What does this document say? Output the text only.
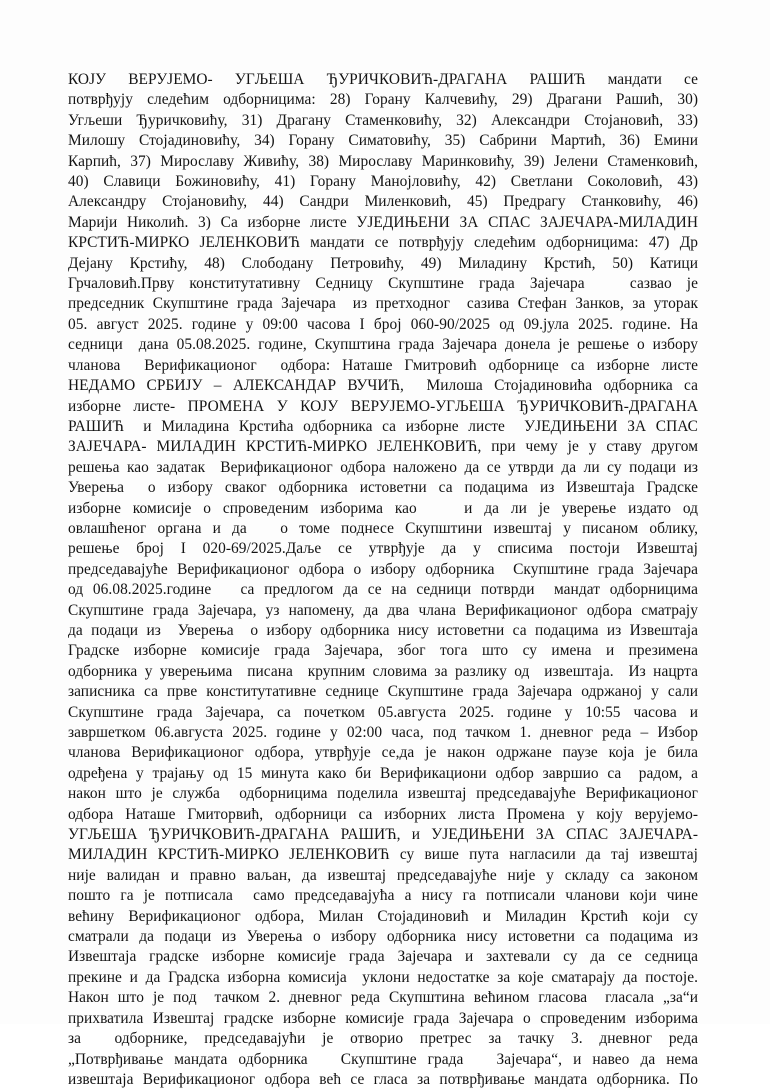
КОЈУ  ВЕРУЈЕМО-  УГЉЕША  ЂУРИЧКОВИЋ-ДРАГАНА  РАШИЋ  мандати  се
потврђују следећим одборницима: 28) Горану Калчевићу, 29) Драгани Рашић, 30)
Угљеши Ђуричковићу, 31) Драгану Стаменковићу, 32) Александри Стојановић, 33)
Милошу Стојадиновићу, 34) Горану Симатовићу, 35) Сабрини Мартић, 36) Емини
Карпић, 37) Мирославу Живићу, 38) Мирославу Маринковићу, 39) Јелени Стаменковић,
40) Славици Божиновићу, 41) Горану Манојловићу, 42) Светлани Соколовић, 43)
Александру Стојановићу, 44) Сандри Миленковић, 45) Предрагу Станковићу, 46)
Марији Николић. 3) Са изборне листе УЈЕДИЊЕНИ ЗА СПАС ЗАЈЕЧАРА-МИЛАДИН
КРСТИЋ-МИРКО ЈЕЛЕНКОВИЋ мандати се потврђују следећим одборницима: 47) Др
Дејану Крстићу, 48) Слободану Петровићу, 49) Миладину Крстић, 50) Катици
Грчаловић.Прву конститутативну Седницу Скупштине града Зајечара   сазвао је
председник Скупштине града Зајечара  из претходног  сазива Стефан Занков, за уторак
05. август 2025. године у 09:00 часова I број 060-90/2025 од 09.јула 2025. године. На
седници  дана 05.08.2025. године, Скупштина града Зајечара донела је решење о избору
чланова  Верификационог  одбора: Наташе Гмитровић одборнице са изборне листе
НЕДАМО СРБИЈУ – АЛЕКСАНДАР ВУЧИЋ,  Милоша Стојадиновића одборника са
изборне листе- ПРОМЕНА У КОЈУ ВЕРУЈЕМО-УГЉЕША ЂУРИЧКОВИЋ-ДРАГАНА
РАШИЋ  и Миладина Крстића одборника са изборне листе  УЈЕДИЊЕНИ ЗА СПАС
ЗАЈЕЧАРА- МИЛАДИН КРСТИЋ-МИРКО ЈЕЛЕНКОВИЋ, при чему је у ставу другом
решења као задатак  Верификационог одбора наложено да се утврди да ли су подаци из
Уверења  о избору сваког одборника истоветни са подацима из Извештаја Градске
изборне комисије о спроведеним изборима као    и да ли је уверење издато од
овлашћеног органа и да   о томе поднесе Скупштини извештај у писаном облику,
решење број I 020-69/2025.Даље се утврђује да у списима постоји Извештај
председавајуће Верификационог одбора о избору одборника  Скупштине града Зајечара
од 06.08.2025.године   са предлогом да се на седници потврди  мандат одборницима
Скупштине града Зајечара, уз напомену, да два члана Верификационог одбора сматрају
да подаци из  Уверења  о избору одборника нису истоветни са подацима из Извештаја
Градске изборне комисије града Зајечара, због тога што су имена и презимена
одборника у уверењима  писана  крупним словима за разлику од  извештаја.  Из нацрта
записника са прве конститутативне седнице Скупштине града Зајечара одржаној у сали
Скупштине града Зајечара, са почетком 05.августа 2025. године у 10:55 часова и
завршетком 06.августа 2025. године у 02:00 часа, под тачком 1. дневног реда – Избор
чланова Верификационог одбора, утврђује се,да је након одржане паузе која је била
одређена у трајању од 15 минута како би Верификациони одбор завршио са  радом, а
након што је служба  одборницима поделила извештај председавајуће Верификационог
одбора Наташе Гмиторвић, одборници са изборних листа Промена у коју верујемо-
УГЉЕША ЂУРИЧКОВИЋ-ДРАГАНА РАШИЋ, и УЈЕДИЊЕНИ ЗА СПАС ЗАЈЕЧАРА-
МИЛАДИН КРСТИЋ-МИРКО ЈЕЛЕНКОВИЋ су више пута нагласили да тај извештај
није валидан и правно ваљан, да извештај председавајуће није у складу са законом
пошто га је потписала  само председавајућа а нису га потписали чланови који чине
већину Верификационог одбора, Милан Стојадиновић и Миладин Крстић који су
сматрали да подаци из Уверења о избору одборника нису истоветни са подацима из
Извештаја градске изборне комисије града Зајечара и захтевали су да се седница
прекине и да Градска изборна комисија  уклони недостатке за које сматарају да постоје.
Након што је под  тачком 2. дневног реда Скупштина већином гласова  гласала „за“и
прихватила Извештај градске изборне комисије града Зајечара о спроведеним изборима
за    одборнике,  председавајући  је  отворио  претрес  за  тачку  3.  дневног  реда
„Потврђивање мандата одборника   Скупштине града   Зајечара“, и навео да нема
извештаја Верификационог одбора већ се гласа за потврђивање мандата одборника. По
